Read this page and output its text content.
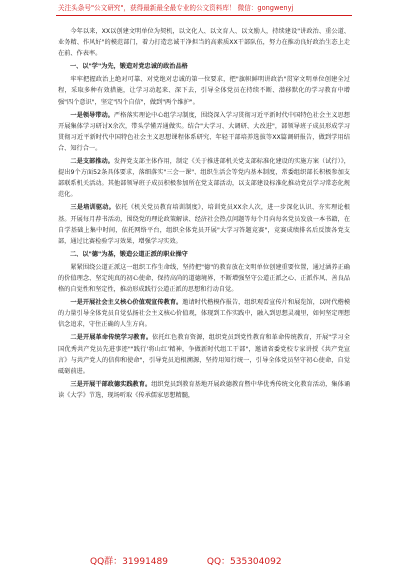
关注头条号"公文研究"，获得最新最全最专业的公文资料库！ 微信：gongwenyj

今年以来，XX以创建文明单位为契机，以文化人、以文育人、以文励人，持续建设"讲政治、重公道、业务精、作风好"的模范部门，着力打造忠诚干净担当的高素质XX干部队伍，努力在推动良好政治生态上走在前、作表率。

一、以"学"为先，锻造对党忠诚的政治品格

牢牢把握政治上绝对可靠、对党绝对忠诚的第一位要求，把"旗帜鲜明讲政治"贯穿文明单位创建全过程，采取多种有效措施，让学习动起来、深下去，引导全体党员在持续不断、潜移默化的学习教育中增强"四个意识"，坚定"四个自信"，做到"两个维护"。

一是领导带动。严格落实理论中心组学习制度，围绕深入学习贯彻习近平新时代中国特色社会主义思想开展集体学习研讨X余次，带头学懂弄通做实。结合"大学习、大调研、大改进"，部领导班子成员形成学习贯彻习近平新时代中国特色社会主义思想课程体系研究、年轻干部培养选拔等XX篇调研报告，做到学用结合、知行合一。

二是支部推动。发挥党支部主体作用，制定《关于推进部机关党支部标准化建设的实施方案（试行）》，提出9个方面52条具体要求，落细落实"三会一课"、组织生活会等党内基本制度，常委组织部长积极参加支部联系机关活动。其他部领导班子成员积极参加所在党支部活动，以支部建设标准化推动党员学习常态化规范化。

三是培训驱动。依托《机关党员教育培训制度》，培训党员XX余人次，进一步深化认识、夯实理论根基。开展每月荐书活动，围绕党的理论政策解读、经济社会热点问题等每个月向每名党员发放一本书籍，在自学基础上集中时间，依托网络平台，组织全体党员开展"大学习答题竞赛"，竞赛成绩排名后反馈各党支部，通过比赛检验学习效果，增强学习实效。

二、以"德"为基，锻造公道正派的职业操守

紧紧围绕公道正派这一组织工作生命线，坚持把"德"的教育放在文明单位创建重要位置，通过涵养正确的价值理念、坚定纯真的初心使命，保持高尚的道德境界，不断增强坚守公道正派之心、正派作风、善良品格的自觉性和坚定性，推动形成践行公道正派的思想和行动自觉。

一是开展社会主义核心价值观宣传教育。邀请时代楷模作报告，组织观看宣传片和展览馆，以时代楷模的力量引导全体党员自觉弘扬社会主义核心价值观，体现到工作实践中，融入到思想灵魂里，如何坚定理想信念追求，守住正确的人生方向。

二是开展革命传统学习教育。依托红色教育资源，组织党员到党性教育和革命传统教育，开展"学习全国优秀共产党员先进事迹""践行'将山红'精神，争做新时代组工干部"，邀请省委党校专家讲授《共产党宣言》与共产党人的信仰和使命"，引导党员追根溯源，坚持用知行统一，引导全体党员坚守初心使命，自觉砥砺前进。

三是开展干部政德实践教育。组织党员到教育基地开展政德教育暨中华优秀传统文化教育活动，集体诵读《大学》节选，现场听取《传承儒家思想精髓，

QQ群：31991489	QQ：535304092
